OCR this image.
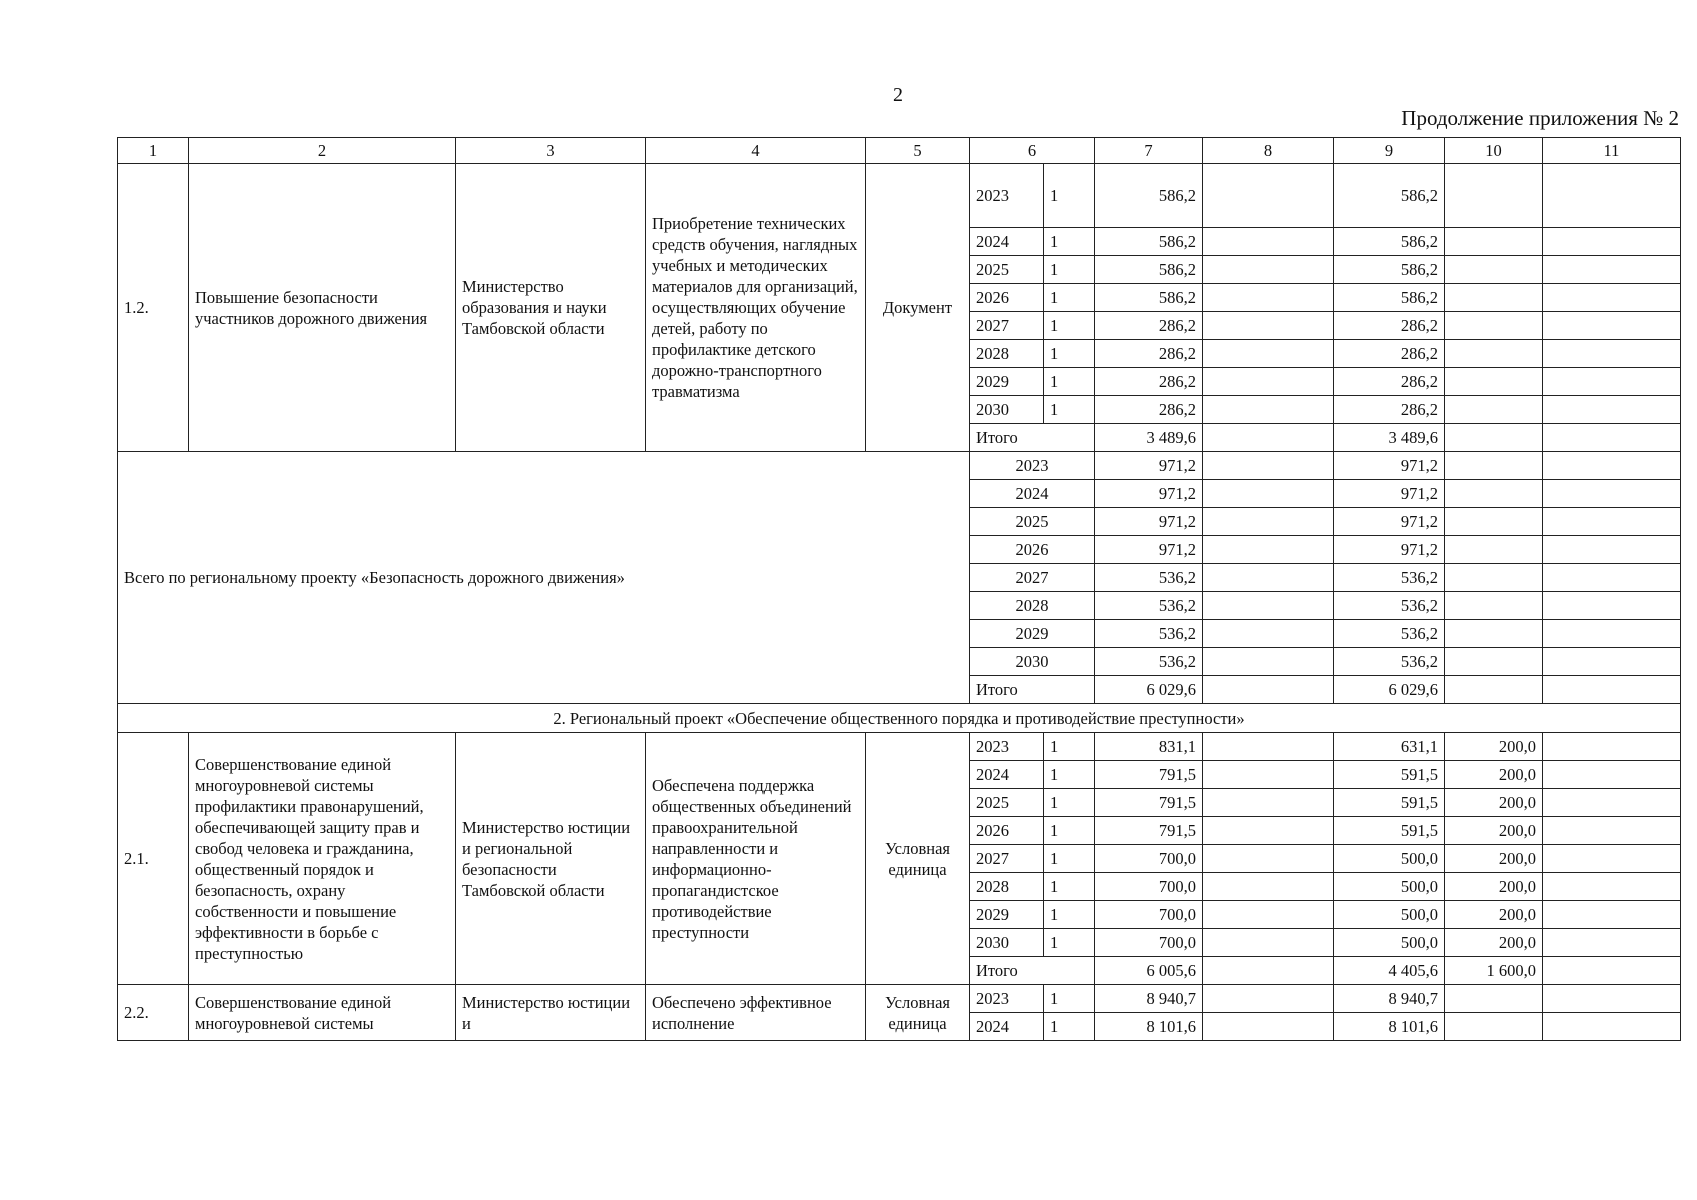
2
Продолжение приложения № 2
1	2	3	4	5	6		7	8	9	10	11
1.2.	Повышение безопасности участников дорожного движения	Министерство образования и науки Тамбовской области	Приобретение технических средств обучения, наглядных учебных и методических материалов для организаций, осуществляющих обучение детей, работу по профилактике детского дорожно-транспортного травматизма	Документ	2023	1	586,2		586,2		
					2024	1	586,2		586,2		
					2025	1	586,2		586,2		
					2026	1	586,2		586,2		
					2027	1	286,2		286,2		
					2028	1	286,2		286,2		
					2029	1	286,2		286,2		
					2030	1	286,2		286,2		
					Итого		3 489,6		3 489,6		
Всего по региональному проекту «Безопасность дорожного движения»					2023		971,2		971,2		
					2024		971,2		971,2		
					2025		971,2		971,2		
					2026		971,2		971,2		
					2027		536,2		536,2		
					2028		536,2		536,2		
					2029		536,2		536,2		
					2030		536,2		536,2		
					Итого		6 029,6		6 029,6		
2. Региональный проект «Обеспечение общественного порядка и противодействие преступности»											
2.1.	Совершенствование единой многоуровневой системы профилактики правонарушений, обеспечивающей защиту прав и свобод человека и гражданина, общественный порядок и безопасность, охрану собственности и повышение эффективности в борьбе с преступностью	Министерство юстиции и региональной безопасности Тамбовской области	Обеспечена поддержка общественных объединений правоохранительной направленности и информационно-пропагандистское противодействие преступности	Условная единица	2023	1	831,1		631,1	200,0	
					2024	1	791,5		591,5	200,0	
					2025	1	791,5		591,5	200,0	
					2026	1	791,5		591,5	200,0	
					2027	1	700,0		500,0	200,0	
					2028	1	700,0		500,0	200,0	
					2029	1	700,0		500,0	200,0	
					2030	1	700,0		500,0	200,0	
					Итого		6 005,6		4 405,6	1 600,0	
2.2.	Совершенствование единой многоуровневой системы	Министерство юстиции и	Обеспечено эффективное исполнение	Условная единица	2023	1	8 940,7		8 940,7		
					2024	1	8 101,6		8 101,6		
